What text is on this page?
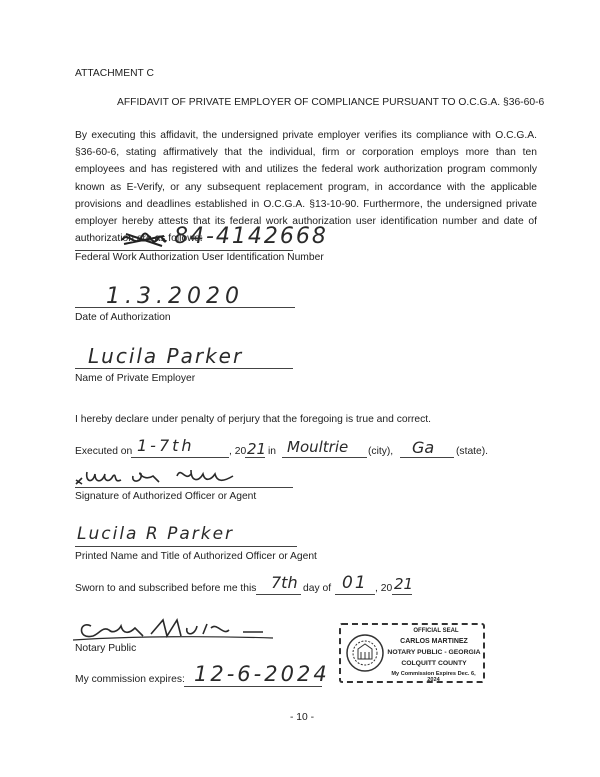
ATTACHMENT C
AFFIDAVIT OF PRIVATE EMPLOYER OF COMPLIANCE PURSUANT TO O.C.G.A. §36-60-6
By executing this affidavit, the undersigned private employer verifies its compliance with O.C.G.A. §36-60-6, stating affirmatively that the individual, firm or corporation employs more than ten employees and has registered with and utilizes the federal work authorization program commonly known as E-Verify, or any subsequent replacement program, in accordance with the applicable provisions and deadlines established in O.C.G.A. §13-10-90. Furthermore, the undersigned private employer hereby attests that its federal work authorization user identification number and date of authorization are as follows:
84-4142668
Federal Work Authorization User Identification Number
1.3.2020
Date of Authorization
Lucila Parker
Name of Private Employer
I hereby declare under penalty of perjury that the foregoing is true and correct.
Executed on 1-7th	, 20 21 in Moultrie (city), Ga (state).
Signature of Authorized Officer or Agent
Lucila R Parker
Printed Name and Title of Authorized Officer or Agent
Sworn to and subscribed before me this 7th day of 01 , 20 21
Notary Public
My commission expires: 12-6-2024
OFFICIAL SEAL
CARLOS MARTINEZ
NOTARY PUBLIC - GEORGIA
COLQUITT COUNTY
My Commission Expires Dec. 6, 2024
- 10 -
